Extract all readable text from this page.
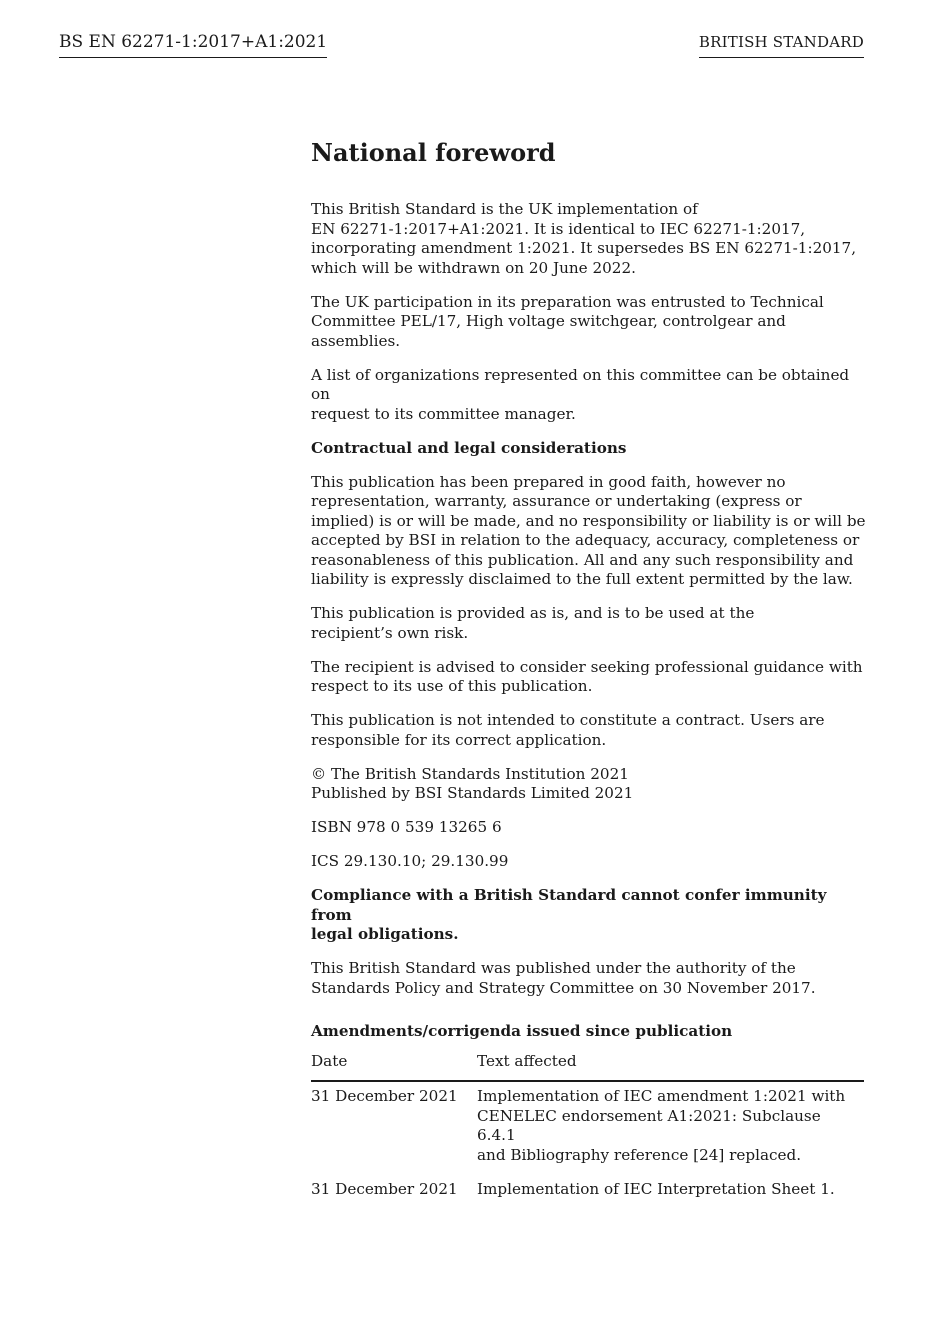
BS EN 62271-1:2017+A1:2021	BRITISH STANDARD
National foreword

This British Standard is the UK implementation of
EN 62271-1:2017+A1:2021. It is identical to IEC 62271-1:2017,
incorporating amendment 1:2021. It supersedes BS EN 62271-1:2017,
which will be withdrawn on 20 June 2022.

The UK participation in its preparation was entrusted to Technical
Committee PEL/17, High voltage switchgear, controlgear and assemblies.

A list of organizations represented on this committee can be obtained on
request to its committee manager.

Contractual and legal considerations

This publication has been prepared in good faith, however no
representation, warranty, assurance or undertaking (express or
implied) is or will be made, and no responsibility or liability is or will be
accepted by BSI in relation to the adequacy, accuracy, completeness or
reasonableness of this publication. All and any such responsibility and
liability is expressly disclaimed to the full extent permitted by the law.

This publication is provided as is, and is to be used at the
recipient’s own risk.

The recipient is advised to consider seeking professional guidance with
respect to its use of this publication.

This publication is not intended to constitute a contract. Users are
responsible for its correct application.

© The British Standards Institution 2021
Published by BSI Standards Limited 2021

ISBN 978 0 539 13265 6

ICS 29.130.10; 29.130.99

Compliance with a British Standard cannot confer immunity from
legal obligations.

This British Standard was published under the authority of the
Standards Policy and Strategy Committee on 30 November 2017.

Amendments/corrigenda issued since publication
Date	Text affected
31 December 2021	Implementation of IEC amendment 1:2021 with
CENELEC endorsement A1:2021: Subclause 6.4.1
and Bibliography reference [24] replaced.
31 December 2021	Implementation of IEC Interpretation Sheet 1.
